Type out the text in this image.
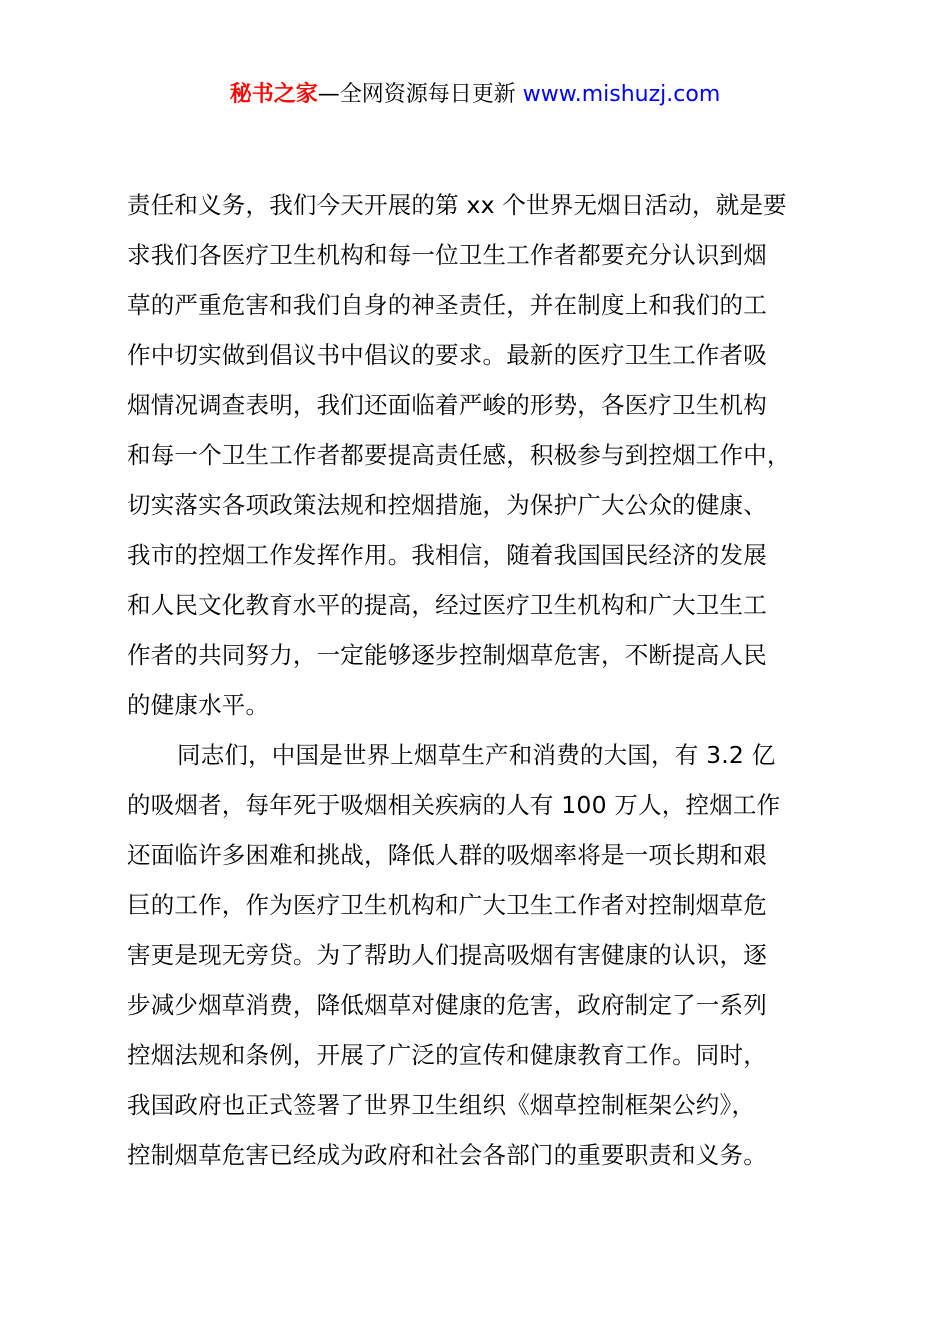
秘书之家—全网资源每日更新 www.mishuzj.com
责任和义务，我们今天开展的第 xx 个世界无烟日活动，就是要
求我们各医疗卫生机构和每一位卫生工作者都要充分认识到烟
草的严重危害和我们自身的神圣责任，并在制度上和我们的工
作中切实做到倡议书中倡议的要求。最新的医疗卫生工作者吸
烟情况调查表明，我们还面临着严峻的形势，各医疗卫生机构
和每一个卫生工作者都要提高责任感，积极参与到控烟工作中，
切实落实各项政策法规和控烟措施，为保护广大公众的健康、
我市的控烟工作发挥作用。我相信，随着我国国民经济的发展
和人民文化教育水平的提高，经过医疗卫生机构和广大卫生工
作者的共同努力，一定能够逐步控制烟草危害，不断提高人民
的健康水平。
同志们，中国是世界上烟草生产和消费的大国，有 3.2 亿
的吸烟者，每年死于吸烟相关疾病的人有 100 万人，控烟工作
还面临许多困难和挑战，降低人群的吸烟率将是一项长期和艰
巨的工作，作为医疗卫生机构和广大卫生工作者对控制烟草危
害更是现无旁贷。为了帮助人们提高吸烟有害健康的认识，逐
步减少烟草消费，降低烟草对健康的危害，政府制定了一系列
控烟法规和条例，开展了广泛的宣传和健康教育工作。同时，
我国政府也正式签署了世界卫生组织《烟草控制框架公约》，
控制烟草危害已经成为政府和社会各部门的重要职责和义务。
